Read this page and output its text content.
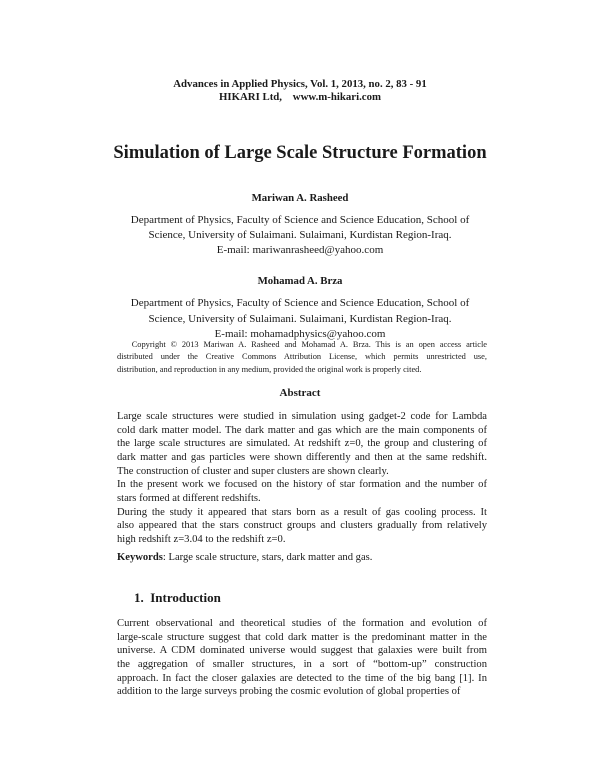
Advances in Applied Physics, Vol. 1, 2013, no. 2, 83 - 91
HIKARI Ltd,    www.m-hikari.com
Simulation of Large Scale Structure Formation
Mariwan A. Rasheed
Department of Physics, Faculty of Science and Science Education, School of
Science, University of Sulaimani. Sulaimani, Kurdistan Region-Iraq.
E-mail: mariwanrasheed@yahoo.com
Mohamad A. Brza
Department of Physics, Faculty of Science and Science Education, School of
Science, University of Sulaimani. Sulaimani, Kurdistan Region-Iraq.
E-mail: mohamadphysics@yahoo.com
Copyright © 2013 Mariwan A. Rasheed and Mohamad A. Brza. This is an open access article
distributed under the Creative Commons Attribution License, which permits unrestricted use,
distribution, and reproduction in any medium, provided the original work is properly cited.
Abstract
Large scale structures were studied in simulation using gadget-2 code for Lambda
cold dark matter model. The dark matter and gas which are the main components of
the large scale structures are simulated. At redshift z=0, the group and clustering of
dark matter and gas particles were shown differently and then at the same redshift.
The construction of cluster and super clusters are shown clearly.
In the present work we focused on the history of star formation and the number of
stars formed at different redshifts.
During the study it appeared that stars born as a result of gas cooling process. It
also appeared that the stars construct groups and clusters gradually from relatively
high redshift z=3.04 to the redshift z=0.
Keywords: Large scale structure, stars, dark matter and gas.
1.  Introduction
Current observational and theoretical studies of the formation and evolution of
large-scale structure suggest that cold dark matter is the predominant matter in the
universe. A CDM dominated universe would suggest that galaxies were built from
the aggregation of smaller structures, in a sort of “bottom-up” construction
approach. In fact the closer galaxies are detected to the time of the big bang [1]. In
addition to the large surveys probing the cosmic evolution of global properties of
